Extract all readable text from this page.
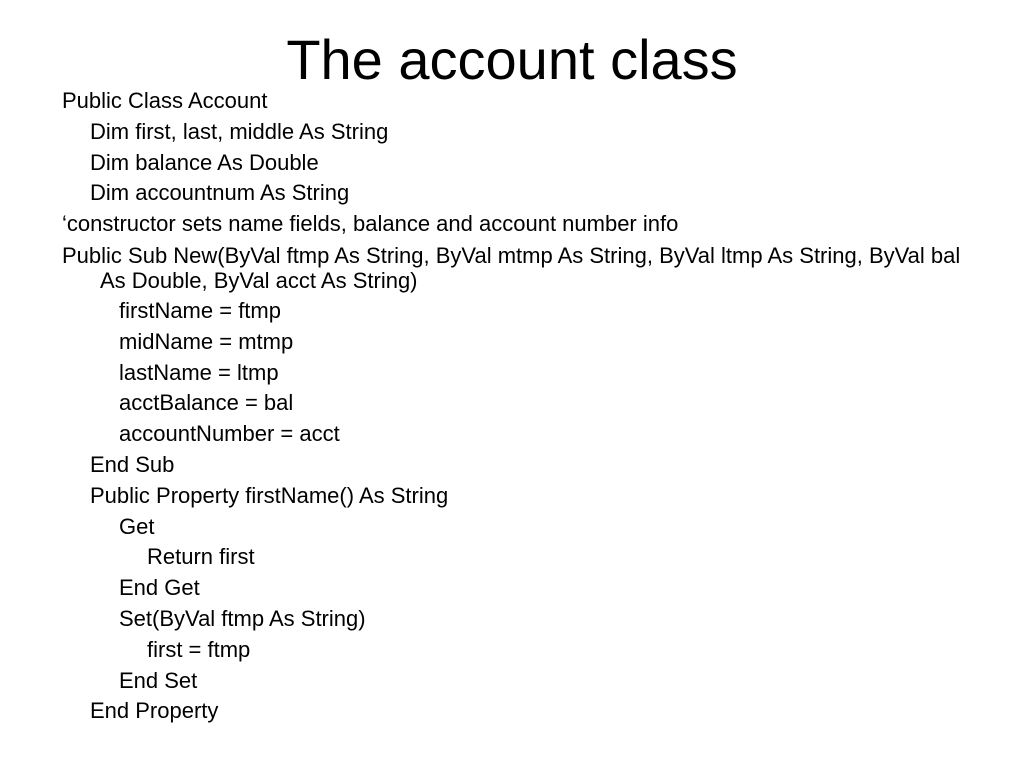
The account class
Public Class Account
Dim first, last, middle As String
Dim balance As Double
Dim accountnum As String
‘constructor sets name fields, balance and account number info
Public Sub New(ByVal ftmp As String, ByVal mtmp As String, ByVal ltmp As String, ByVal bal As Double, ByVal acct As String)
firstName = ftmp
midName = mtmp
lastName = ltmp
acctBalance = bal
accountNumber = acct
End Sub
Public Property firstName() As String
Get
Return first
End Get
Set(ByVal ftmp As String)
first = ftmp
End Set
End Property
